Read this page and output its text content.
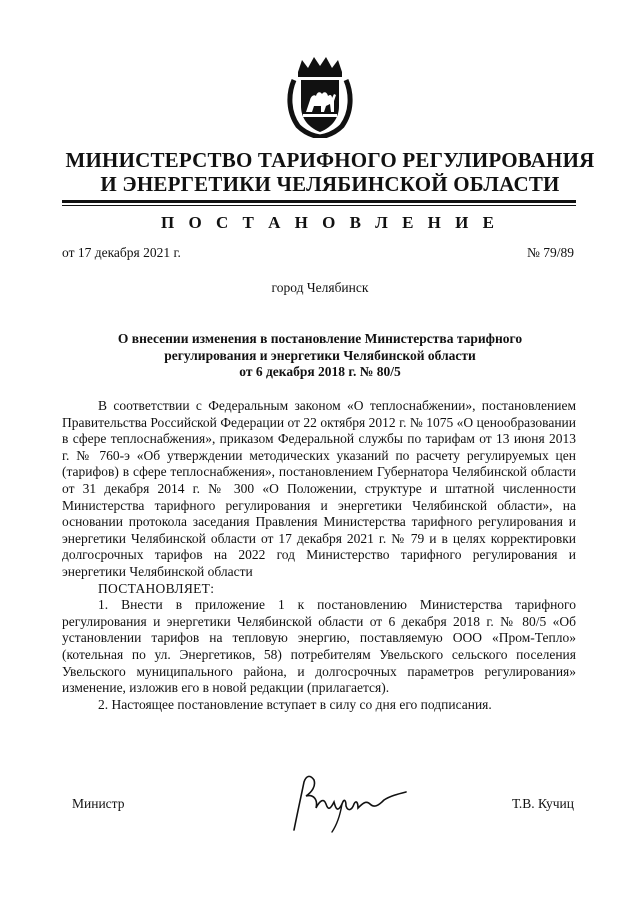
МИНИСТЕРСТВО ТАРИФНОГО РЕГУЛИРОВАНИЯ
И ЭНЕРГЕТИКИ ЧЕЛЯБИНСКОЙ ОБЛАСТИ
П О С Т А Н О В Л Е Н И Е
от 17 декабря 2021 г.	№ 79/89
город Челябинск
О внесении изменения в постановление Министерства тарифного
регулирования и энергетики Челябинской области
от 6 декабря 2018 г. № 80/5

В соответствии с Федеральным законом «О теплоснабжении», постановлением Правительства Российской Федерации от 22 октября 2012 г. № 1075 «О ценообразовании в сфере теплоснабжения», приказом Федеральной службы по тарифам от 13 июня 2013 г. № 760-э «Об утверждении методических указаний по расчету регулируемых цен (тарифов) в сфере теплоснабжения», постановлением Губернатора Челябинской области от 31 декабря 2014 г. № 300 «О Положении, структуре и штатной численности Министерства тарифного регулирования и энергетики Челябинской области», на основании протокола заседания Правления Министерства тарифного регулирования и энергетики Челябинской области от 17 декабря 2021 г. № 79 и в целях корректировки долгосрочных тарифов на 2022 год Министерство тарифного регулирования и энергетики Челябинской области

ПОСТАНОВЛЯЕТ:

1. Внести в приложение 1 к постановлению Министерства тарифного регулирования и энергетики Челябинской области от 6 декабря 2018 г. № 80/5 «Об установлении тарифов на тепловую энергию, поставляемую ООО «Пром-Тепло» (котельная по ул. Энергетиков, 58) потребителям Увельского сельского поселения Увельского муниципального района, и долгосрочных параметров регулирования» изменение, изложив его в новой редакции (прилагается).

2. Настоящее постановление вступает в силу со дня его подписания.

Министр	Т.В. Кучиц
